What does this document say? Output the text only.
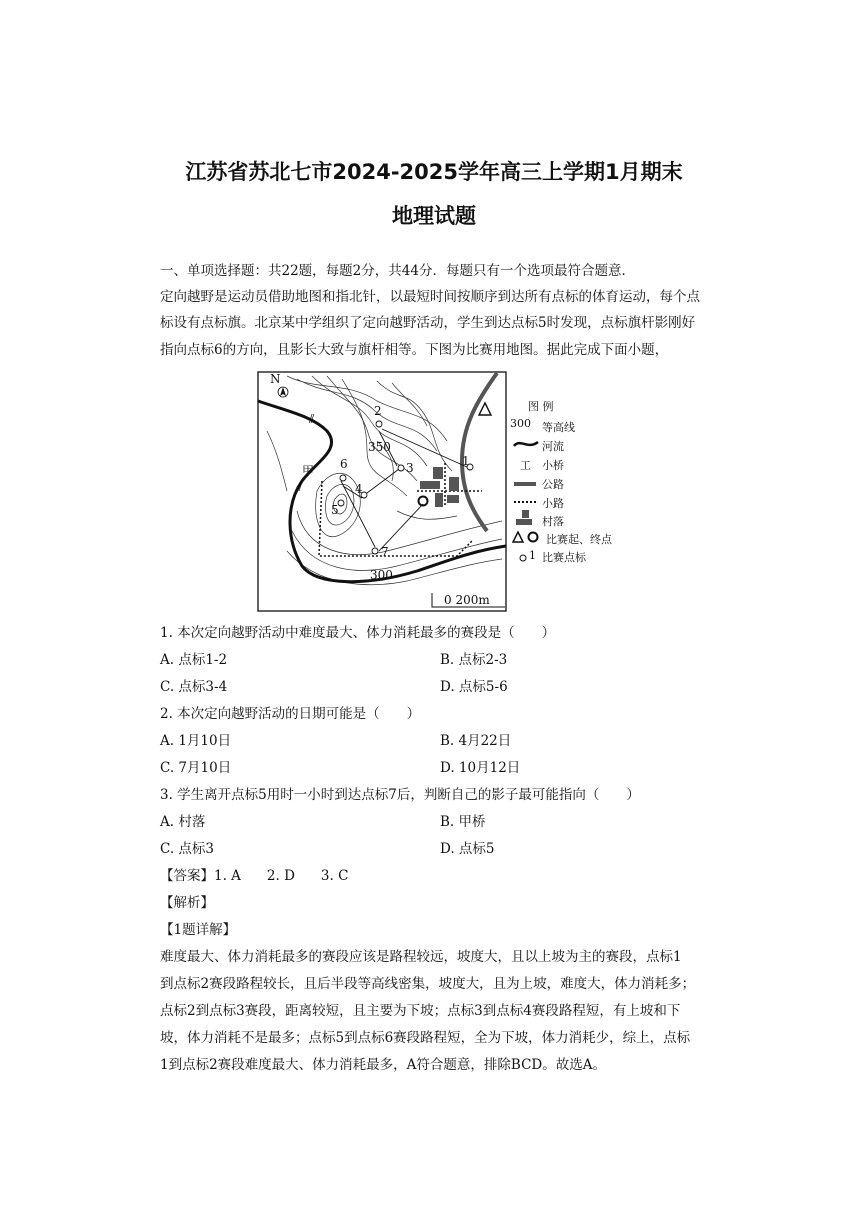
江苏省苏北七市2024-2025学年高三上学期1月期末
地理试题
一、单项选择题：共22题，每题2分，共44分．每题只有一个选项最符合题意．
定向越野是运动员借助地图和指北针，以最短时间按顺序到达所有点标的体育运动，每个点
标设有点标旗。北京某中学组织了定向越野活动，学生到达点标5时发现，点标旗杆影刚好
指向点标6的方向，且影长大致与旗杆相等。下图为比赛用地图。据此完成下面小题，
⫽
⫽
N
2
1
3
4
5
6
7
350
300
甲
0 200m
图 例
300 等高线
河流
工 小桥
公路
小路
村落
比赛起、终点
1 比赛点标
1. 本次定向越野活动中难度最大、体力消耗最多的赛段是（　　）
A. 点标1-2	B. 点标2-3
C. 点标3-4	D. 点标5-6
2. 本次定向越野活动的日期可能是（　　）
A. 1月10日	B. 4月22日
C. 7月10日	D. 10月12日
3. 学生离开点标5用时一小时到达点标7后，判断自己的影子最可能指向（　　）
A. 村落	B. 甲桥
C. 点标3	D. 点标5
【答案】1. A 2. D 3. C
【解析】
【1题详解】
难度最大、体力消耗最多的赛段应该是路程较远，坡度大，且以上坡为主的赛段，点标1
到点标2赛段路程较长，且后半段等高线密集，坡度大，且为上坡，难度大，体力消耗多；
点标2到点标3赛段，距离较短，且主要为下坡；点标3到点标4赛段路程短，有上坡和下
坡，体力消耗不是最多；点标5到点标6赛段路程短，全为下坡，体力消耗少，综上，点标
1到点标2赛段难度最大、体力消耗最多，A符合题意，排除BCD。故选A。
